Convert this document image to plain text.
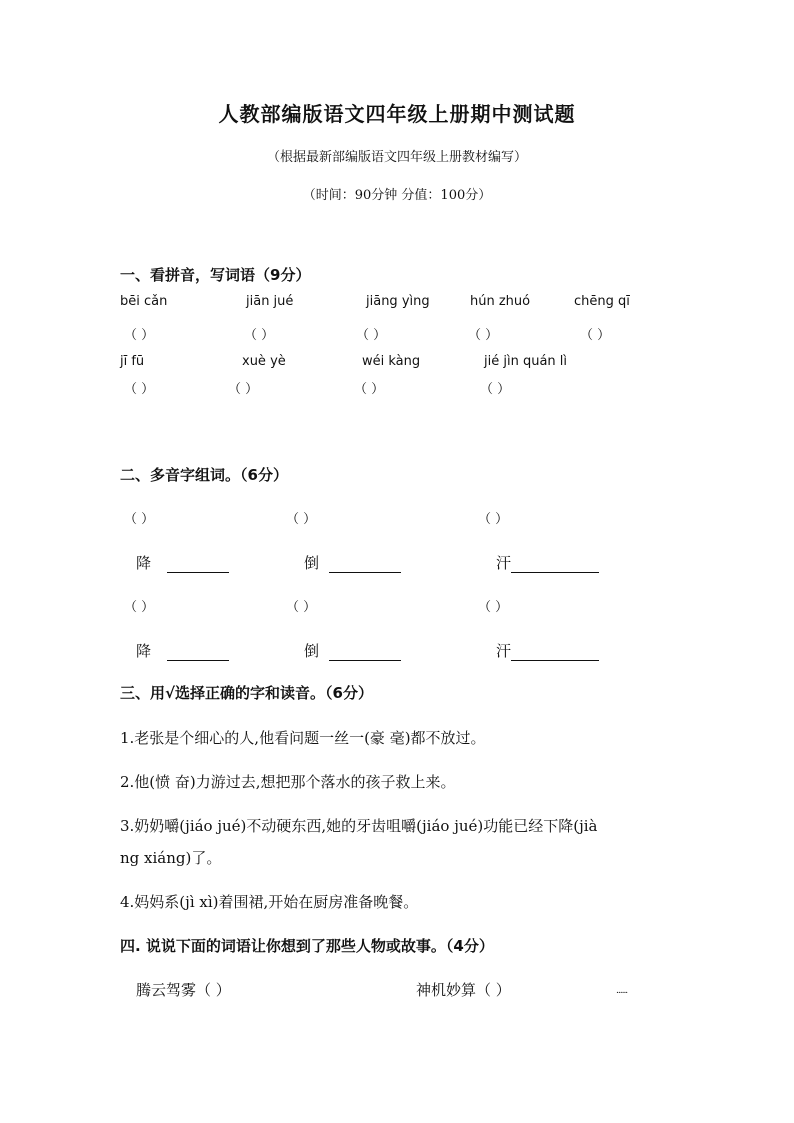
人教部编版语文四年级上册期中测试题
（根据最新部编版语文四年级上册教材编写）
（时间：90分钟 分值：100分）
一、看拼音，写词语（9分）
bēi cǎn	jiān jué	jiāng yìng	hún zhuó	chēng qī
（ ）	（ ）	（ ）	（ ）	（ ）
jī fū	xuè yè	wéi kàng	jié jìn quán lì
（ ）	（ ）	（ ）	（ ）
二、多音字组词。（6分）
（ ）	（ ）	（ ）
降	倒	汗
（ ）	（ ）	（ ）
降	倒	汗
三、用√选择正确的字和读音。（6分）
1.老张是个细心的人,他看问题一丝一(豪 毫)都不放过。
2.他(愤 奋)力游过去,想把那个落水的孩子救上来。
3.奶奶嚼(jiáo jué)不动硬东西,她的牙齿咀嚼(jiáo jué)功能已经下降(jià
ng xiáng)了。
4.妈妈系(jì xì)着围裙,开始在厨房准备晚餐。
四. 说说下面的词语让你想到了那些人物或故事。（4分）
腾云驾雾（ ）	神机妙算（ ）	......
